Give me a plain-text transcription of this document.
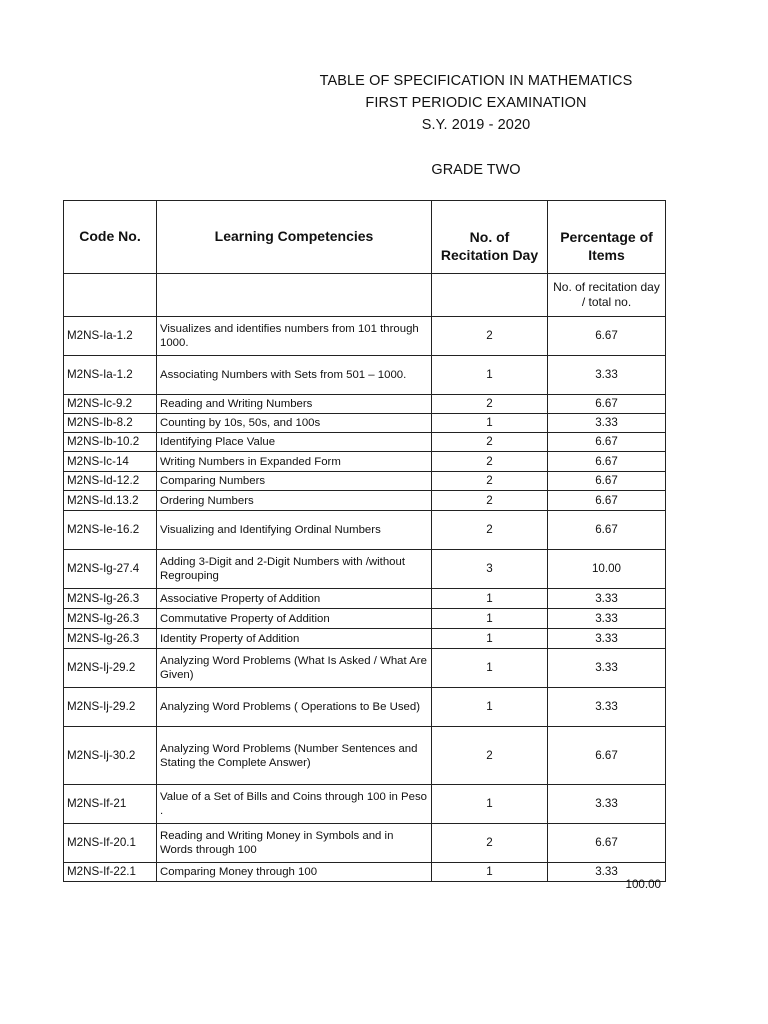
TABLE OF SPECIFICATION IN MATHEMATICS
FIRST PERIODIC EXAMINATION
S.Y. 2019 - 2020
GRADE TWO
Code No.	Learning Competencies	No. of Recitation Day	Percentage of Items
			No. of recitation day / total no.
M2NS-Ia-1.2	Visualizes and identifies numbers from 101 through 1000.	2	6.67
M2NS-Ia-1.2	Associating Numbers with Sets from 501 – 1000.	1	3.33
M2NS-Ic-9.2	Reading and Writing Numbers	2	6.67
M2NS-Ib-8.2	Counting by 10s, 50s, and 100s	1	3.33
M2NS-Ib-10.2	Identifying Place Value	2	6.67
M2NS-Ic-14	Writing Numbers in Expanded Form	2	6.67
M2NS-Id-12.2	Comparing Numbers	2	6.67
M2NS-Id.13.2	Ordering Numbers	2	6.67
M2NS-Ie-16.2	Visualizing and Identifying Ordinal Numbers	2	6.67
M2NS-Ig-27.4	Adding 3-Digit and 2-Digit Numbers with /without Regrouping	3	10.00
M2NS-Ig-26.3	Associative Property of Addition	1	3.33
M2NS-Ig-26.3	Commutative Property of Addition	1	3.33
M2NS-Ig-26.3	Identity Property of Addition	1	3.33
M2NS-Ij-29.2	Analyzing Word Problems (What Is Asked / What Are Given)	1	3.33
M2NS-Ij-29.2	Analyzing Word Problems ( Operations to Be Used)	1	3.33
M2NS-Ij-30.2	Analyzing Word Problems (Number Sentences and Stating the Complete Answer)	2	6.67
M2NS-If-21	Value of a Set of Bills and Coins through 100 in Peso .	1	3.33
M2NS-If-20.1	Reading and Writing Money in Symbols and in Words through 100	2	6.67
M2NS-If-22.1	Comparing Money through 100	1	3.33
100.00
